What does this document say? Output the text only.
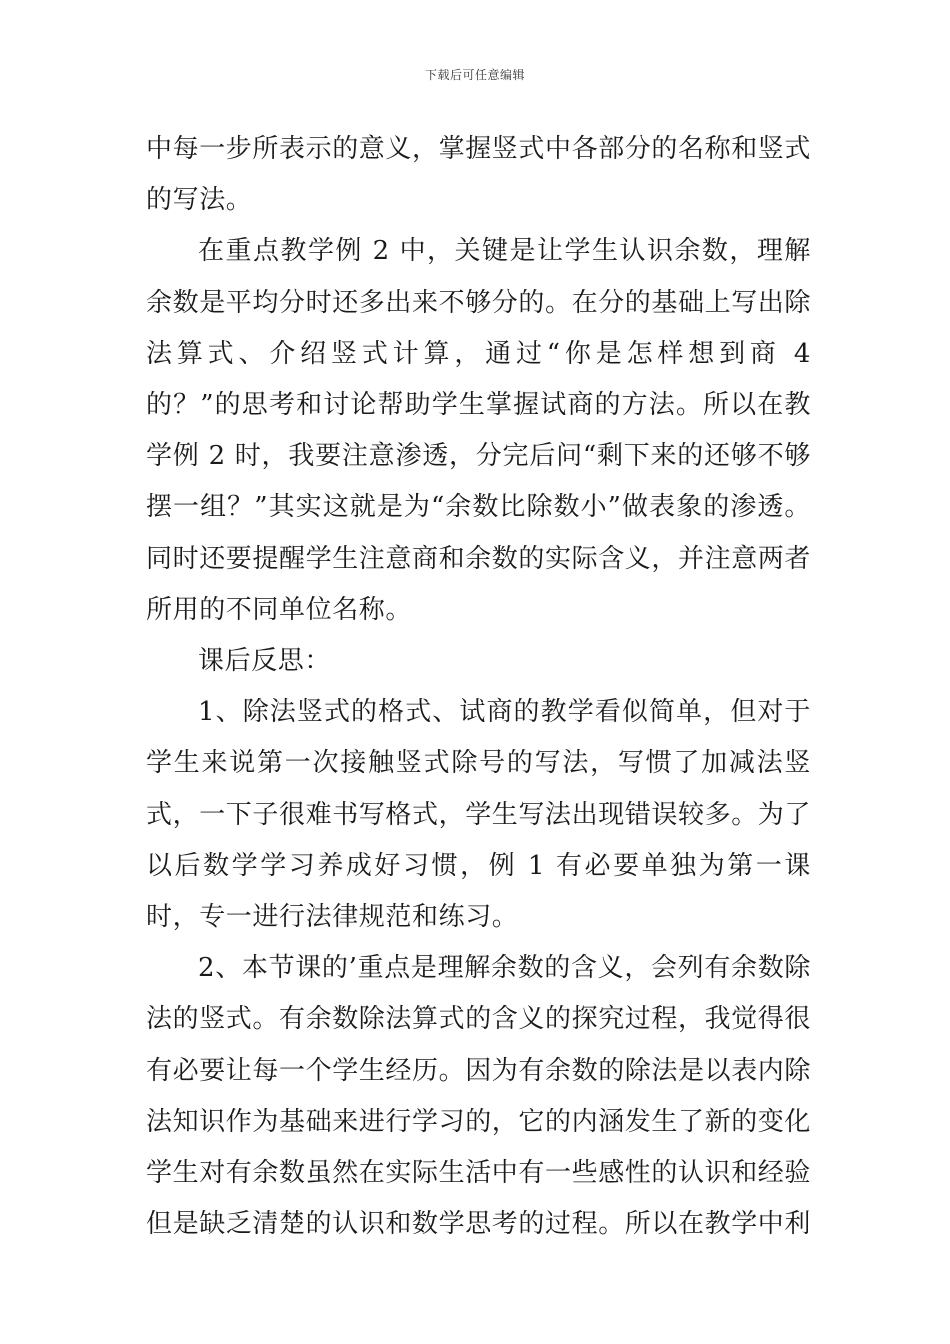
下载后可任意编辑

中每一步所表示的意义，掌握竖式中各部分的名称和竖式的写法。

在重点教学例 2 中，关键是让学生认识余数，理解余数是平均分时还多出来不够分的。在分的基础上写出除法算式、介绍竖式计算，通过“你是怎样想到商 4 的？”的思考和讨论帮助学生掌握试商的方法。所以在教学例 2 时，我要注意渗透，分完后问“剩下来的还够不够摆一组？”其实这就是为“余数比除数小”做表象的渗透。同时还要提醒学生注意商和余数的实际含义，并注意两者所用的不同单位名称。

课后反思：

1、除法竖式的格式、试商的教学看似简单，但对于学生来说第一次接触竖式除号的写法，写惯了加减法竖式，一下子很难书写格式，学生写法出现错误较多。为了以后数学学习养成好习惯，例 1 有必要单独为第一课时，专一进行法律规范和练习。

2、本节课的’重点是理解余数的含义，会列有余数除法的竖式。有余数除法算式的含义的探究过程，我觉得很有必要让每一个学生经历。因为有余数的除法是以表内除法知识作为基础来进行学习的，它的内涵发生了新的变化学生对有余数虽然在实际生活中有一些感性的认识和经验但是缺乏清楚的认识和数学思考的过程。所以在教学中利
